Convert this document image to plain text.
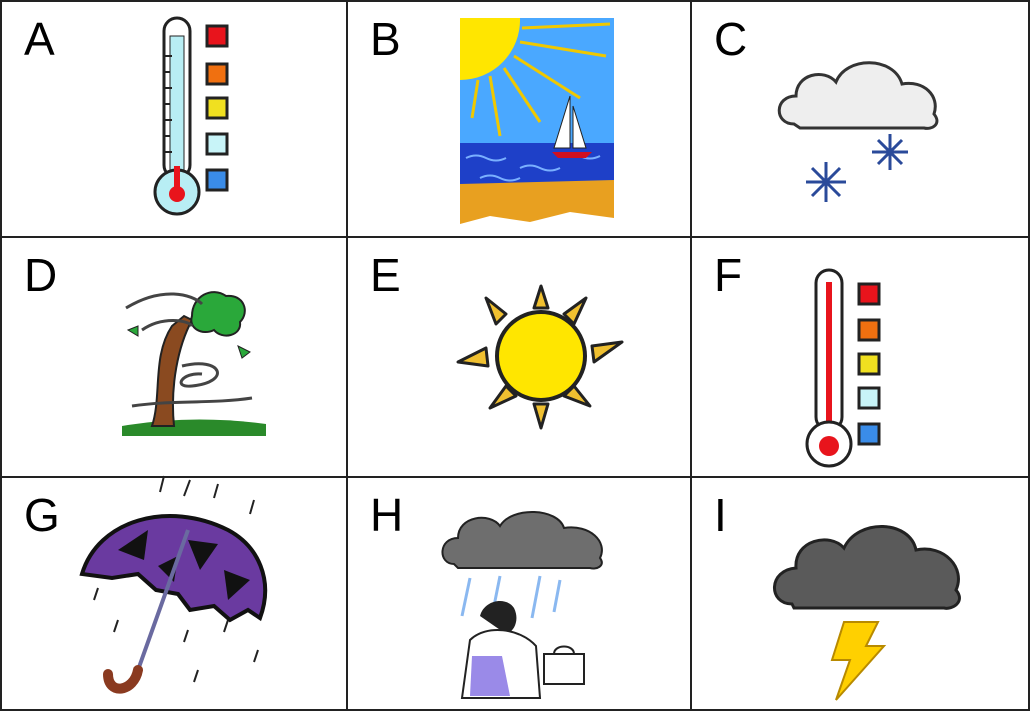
A	B	C
D	E	F
G	H	I
